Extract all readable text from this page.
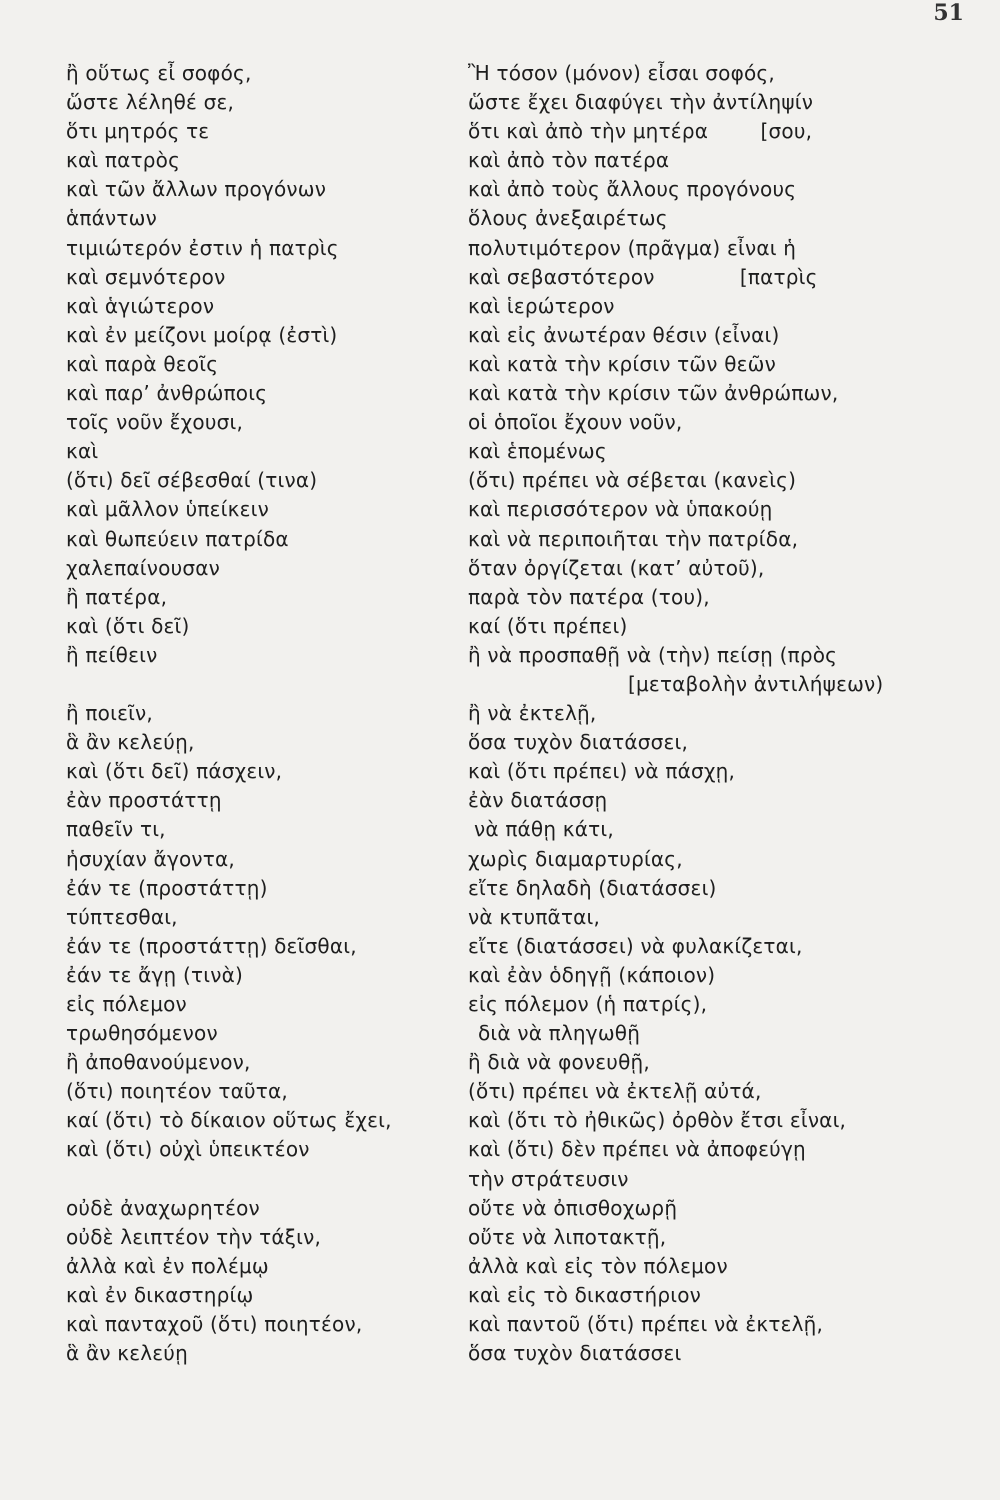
51
ἢ οὕτως εἶ σοφός,
ὥστε λέληθέ σε,
ὅτι μητρός τε
καὶ πατρὸς
καὶ τῶν ἄλλων προγόνων
ἁπάντων
τιμιώτερόν ἐστιν ἡ πατρὶς
καὶ σεμνότερον
καὶ ἁγιώτερον
καὶ ἐν μείζονι μοίρᾳ (ἐστὶ)
καὶ παρὰ θεοῖς
καὶ παρ’ ἀνθρώποις
τοῖς νοῦν ἔχουσι,
καὶ
(ὅτι) δεῖ σέβεσθαί (τινα)
καὶ μᾶλλον ὑπείκειν
καὶ θωπεύειν πατρίδα
χαλεπαίνουσαν
ἢ πατέρα,
καὶ (ὅτι δεῖ)
ἢ πείθειν
ἢ ποιεῖν,
ἃ ἂν κελεύῃ,
καὶ (ὅτι δεῖ) πάσχειν,
ἐὰν προστάττῃ
παθεῖν τι,
ἡσυχίαν ἄγοντα,
ἐάν τε (προστάττῃ)
τύπτεσθαι,
ἐάν τε (προστάττῃ) δεῖσθαι,
ἐάν τε ἄγῃ (τινὰ)
εἰς πόλεμον
τρωθησόμενον
ἢ ἀποθανούμενον,
(ὅτι) ποιητέον ταῦτα,
καί (ὅτι) τὸ δίκαιον οὕτως ἔχει,
καὶ (ὅτι) οὐχὶ ὑπεικτέον
οὐδὲ ἀναχωρητέον
οὐδὲ λειπτέον τὴν τάξιν,
ἀλλὰ καὶ ἐν πολέμῳ
καὶ ἐν δικαστηρίῳ
καὶ πανταχοῦ (ὅτι) ποιητέον,
ἃ ἂν κελεύῃ
Ἢ τόσον (μόνον) εἶσαι σοφός,
ὥστε ἔχει διαφύγει τὴν ἀντίληψίν
ὅτι καὶ ἀπὸ τὴν μητέρα        [σου,
καὶ ἀπὸ τὸν πατέρα
καὶ ἀπὸ τοὺς ἄλλους προγόνους
ὅλους ἀνεξαιρέτως
πολυτιμότερον (πρᾶγμα) εἶναι ἡ
καὶ σεβαστότερον             [πατρὶς
καὶ ἱερώτερον
καὶ εἰς ἀνωτέραν θέσιν (εἶναι)
καὶ κατὰ τὴν κρίσιν τῶν θεῶν
καὶ κατὰ τὴν κρίσιν τῶν ἀνθρώπων,
οἱ ὁποῖοι ἔχουν νοῦν,
καὶ ἑπομένως
(ὅτι) πρέπει νὰ σέβεται (κανεὶς)
καὶ περισσότερον νὰ ὑπακούῃ
καὶ νὰ περιποιῆται τὴν πατρίδα,
ὅταν ὀργίζεται (κατ’ αὐτοῦ),
παρὰ τὸν πατέρα (του),
καί (ὅτι πρέπει)
ἢ νὰ προσπαθῇ νὰ (τὴν) πείσῃ (πρὸς
[μεταβολὴν ἀντιλήψεων)
ἢ νὰ ἐκτελῇ,
ὅσα τυχὸν διατάσσει,
καὶ (ὅτι πρέπει) νὰ πάσχῃ,
ἐὰν διατάσσῃ
νὰ πάθῃ κάτι,
χωρὶς διαμαρτυρίας,
εἴτε δηλαδὴ (διατάσσει)
νὰ κτυπᾶται,
εἴτε (διατάσσει) νὰ φυλακίζεται,
καὶ ἐὰν ὁδηγῇ (κάποιον)
εἰς πόλεμον (ἡ πατρίς),
διὰ νὰ πληγωθῇ
ἢ διὰ νὰ φονευθῇ,
(ὅτι) πρέπει νὰ ἐκτελῇ αὐτά,
καὶ (ὅτι τὸ ἠθικῶς) ὀρθὸν ἔτσι εἶναι,
καὶ (ὅτι) δὲν πρέπει νὰ ἀποφεύγῃ
τὴν στράτευσιν
οὔτε νὰ ὀπισθοχωρῇ
οὔτε νὰ λιποτακτῇ,
ἀλλὰ καὶ εἰς τὸν πόλεμον
καὶ εἰς τὸ δικαστήριον
καὶ παντοῦ (ὅτι) πρέπει νὰ ἐκτελῇ,
ὅσα τυχὸν διατάσσει
